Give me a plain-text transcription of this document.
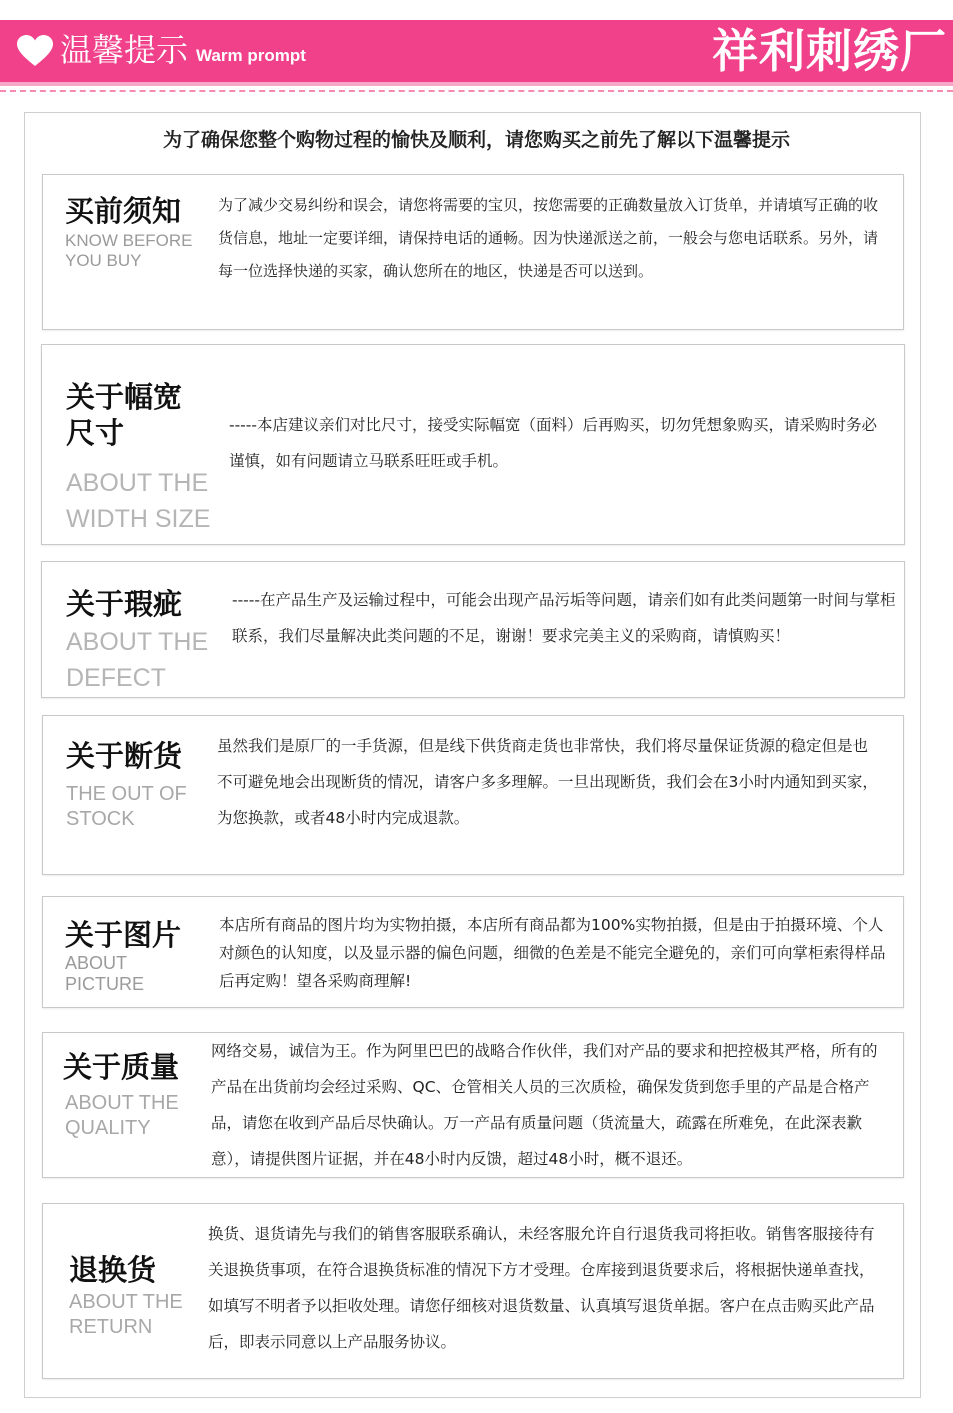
温馨提示 Warm prompt	祥利刺绣厂
为了确保您整个购物过程的愉快及顺利，请您购买之前先了解以下温馨提示
买前须知
KNOW BEFORE
YOU BUY
为了减少交易纠纷和误会，请您将需要的宝贝，按您需要的正确数量放入订货单，并请填写正确的收货信息，地址一定要详细，请保持电话的通畅。因为快递派送之前，一般会与您电话联系。另外，请每一位选择快递的买家，确认您所在的地区，快递是否可以送到。
关于幅宽
尺寸
ABOUT THE
WIDTH SIZE
-----本店建议亲们对比尺寸，接受实际幅宽（面料）后再购买，切勿凭想象购买，请采购时务必谨慎，如有问题请立马联系旺旺或手机。
关于瑕疵
ABOUT THE
DEFECT
-----在产品生产及运输过程中，可能会出现产品污垢等问题，请亲们如有此类问题第一时间与掌柜联系，我们尽量解决此类问题的不足，谢谢！要求完美主义的采购商，请慎购买！
关于断货
THE OUT OF
STOCK
虽然我们是原厂的一手货源，但是线下供货商走货也非常快，我们将尽量保证货源的稳定但是也不可避免地会出现断货的情况，请客户多多理解。一旦出现断货，我们会在3小时内通知到买家，为您换款，或者48小时内完成退款。
关于图片
ABOUT
PICTURE
本店所有商品的图片均为实物拍摄，本店所有商品都为100%实物拍摄，但是由于拍摄环境、个人对颜色的认知度，以及显示器的偏色问题，细微的色差是不能完全避免的，亲们可向掌柜索得样品后再定购！望各采购商理解!
关于质量
ABOUT THE
QUALITY
网络交易，诚信为王。作为阿里巴巴的战略合作伙伴，我们对产品的要求和把控极其严格，所有的产品在出货前均会经过采购、QC、仓管相关人员的三次质检，确保发货到您手里的产品是合格产品，请您在收到产品后尽快确认。万一产品有质量问题（货流量大，疏露在所难免，在此深表歉意），请提供图片证据，并在48小时内反馈，超过48小时，概不退还。
退换货
ABOUT THE
RETURN
换货、退货请先与我们的销售客服联系确认，未经客服允许自行退货我司将拒收。销售客服接待有关退换货事项，在符合退换货标准的情况下方才受理。仓库接到退货要求后，将根据快递单查找，如填写不明者予以拒收处理。请您仔细核对退货数量、认真填写退货单据。客户在点击购买此产品后，即表示同意以上产品服务协议。
